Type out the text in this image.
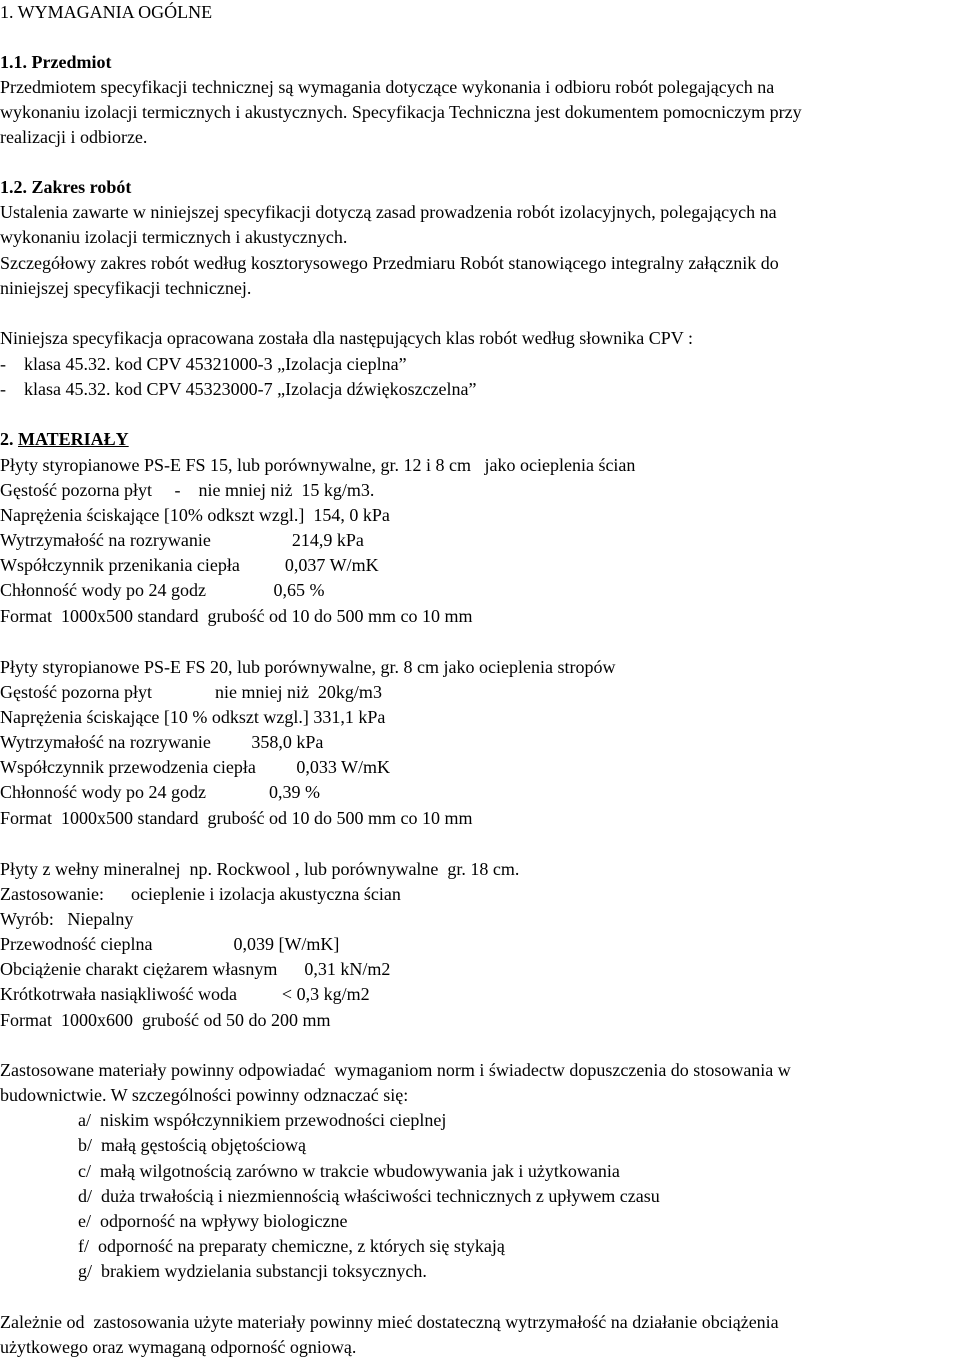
1. WYMAGANIA OGÓLNE
1.1. Przedmiot
Przedmiotem specyfikacji technicznej są wymagania dotyczące wykonania i odbioru robót polegających na
wykonaniu izolacji termicznych i akustycznych. Specyfikacja Techniczna jest dokumentem pomocniczym przy
realizacji i odbiorze.
1.2. Zakres robót
Ustalenia zawarte w niniejszej specyfikacji dotyczą zasad prowadzenia robót izolacyjnych, polegających na
wykonaniu izolacji termicznych i akustycznych.
Szczegółowy zakres robót według kosztorysowego Przedmiaru Robót stanowiącego integralny załącznik do
niniejszej specyfikacji technicznej.
Niniejsza specyfikacja opracowana została dla następujących klas robót według słownika CPV :
-    klasa 45.32. kod CPV 45321000-3 „Izolacja cieplna”
-    klasa 45.32. kod CPV 45323000-7 „Izolacja dźwiękoszczelna”
2. MATERIAŁY
Płyty styropianowe PS-E FS 15, lub porównywalne, gr. 12 i 8 cm   jako ocieplenia ścian
Gęstość pozorna płyt     -    nie mniej niż  15 kg/m3.
Naprężenia ściskające [10% odkszt wzgl.]  154, 0 kPa
Wytrzymałość na rozrywanie                  214,9 kPa
Współczynnik przenikania ciepła          0,037 W/mK
Chłonność wody po 24 godz               0,65 %
Format  1000x500 standard  grubość od 10 do 500 mm co 10 mm
Płyty styropianowe PS-E FS 20, lub porównywalne, gr. 8 cm jako ocieplenia stropów
Gęstość pozorna płyt              nie mniej niż  20kg/m3
Naprężenia ściskające [10 % odkszt wzgl.] 331,1 kPa
Wytrzymałość na rozrywanie         358,0 kPa
Współczynnik przewodzenia ciepła         0,033 W/mK
Chłonność wody po 24 godz              0,39 %
Format  1000x500 standard  grubość od 10 do 500 mm co 10 mm
Płyty z wełny mineralnej  np. Rockwool , lub porównywalne  gr. 18 cm.
Zastosowanie:      ocieplenie i izolacja akustyczna ścian
Wyrób:   Niepalny
Przewodność cieplna                  0,039 [W/mK]
Obciążenie charakt ciężarem własnym      0,31 kN/m2
Krótkotrwała nasiąkliwość woda          < 0,3 kg/m2
Format  1000x600  grubość od 50 do 200 mm
Zastosowane materiały powinny odpowiadać  wymaganiom norm i świadectw dopuszczenia do stosowania w
budownictwie. W szczególności powinny odznaczać się:
a/  niskim współczynnikiem przewodności cieplnej
b/  małą gęstością objętościową
c/  małą wilgotnością zarówno w trakcie wbudowywania jak i użytkowania
d/  duża trwałością i niezmiennością właściwości technicznych z upływem czasu
e/  odporność na wpływy biologiczne
f/  odporność na preparaty chemiczne, z których się stykają
g/  brakiem wydzielania substancji toksycznych.
Zależnie od  zastosowania użyte materiały powinny mieć dostateczną wytrzymałość na działanie obciążenia
użytkowego oraz wymaganą odporność ogniową.
